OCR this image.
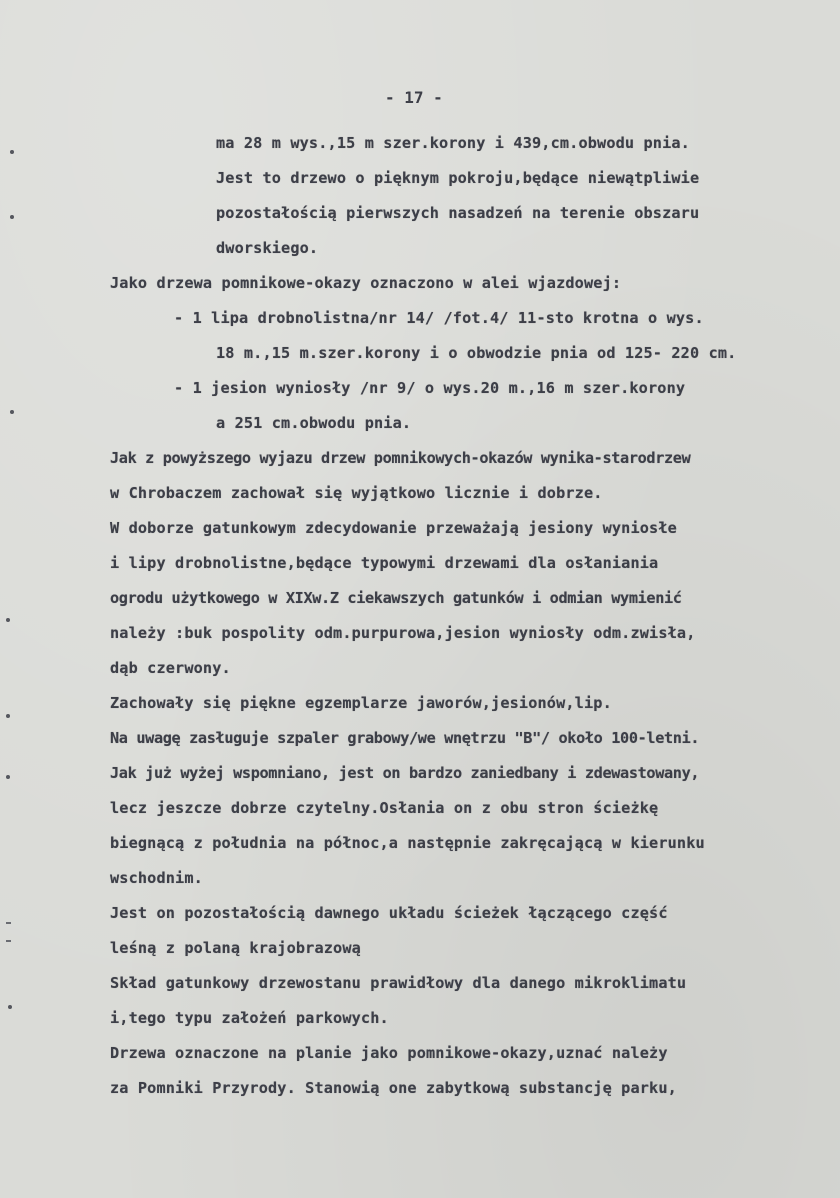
- 17 -
ma 28 m wys.,15 m szer.korony i 439,cm.obwodu pnia.
Jest to drzewo o pięknym pokroju,będące niewątpliwie
pozostałością pierwszych nasadzeń na terenie obszaru
dworskiego.
Jako drzewa pomnikowe-okazy oznaczono w alei wjazdowej:
- 1 lipa drobnolistna/nr 14/ /fot.4/ 11-sto krotna o wys.
18 m.,15 m.szer.korony i o obwodzie pnia od 125- 220 cm.
- 1 jesion wyniosły /nr 9/ o wys.20 m.,16 m szer.korony
a 251 cm.obwodu pnia.
Jak z powyższego wyjazu drzew pomnikowych-okazów wynika-starodrzew
w Chrobaczem zachował się wyjątkowo licznie i dobrze.
W doborze gatunkowym zdecydowanie przeważają jesiony wyniosłe
i lipy drobnolistne,będące typowymi drzewami dla osłaniania
ogrodu użytkowego w XIXw.Z ciekawszych gatunków i odmian wymienić
należy :buk pospolity odm.purpurowa,jesion wyniosły odm.zwisła,
dąb czerwony.
Zachowały się piękne egzemplarze jaworów,jesionów,lip.
Na uwagę zasługuje szpaler grabowy/we wnętrzu "B"/ około 100-letni.
Jak już wyżej wspomniano, jest on bardzo zaniedbany i zdewastowany,
lecz jeszcze dobrze czytelny.Osłania on z obu stron ścieżkę
biegnącą z południa na północ,a następnie zakręcającą w kierunku
wschodnim.
Jest on pozostałością dawnego układu ścieżek łączącego część
leśną z polaną krajobrazową
Skład gatunkowy drzewostanu prawidłowy dla danego mikroklimatu
i,tego typu założeń parkowych.
Drzewa oznaczone na planie jako pomnikowe-okazy,uznać należy
za Pomniki Przyrody. Stanowią one zabytkową substancję parku,
